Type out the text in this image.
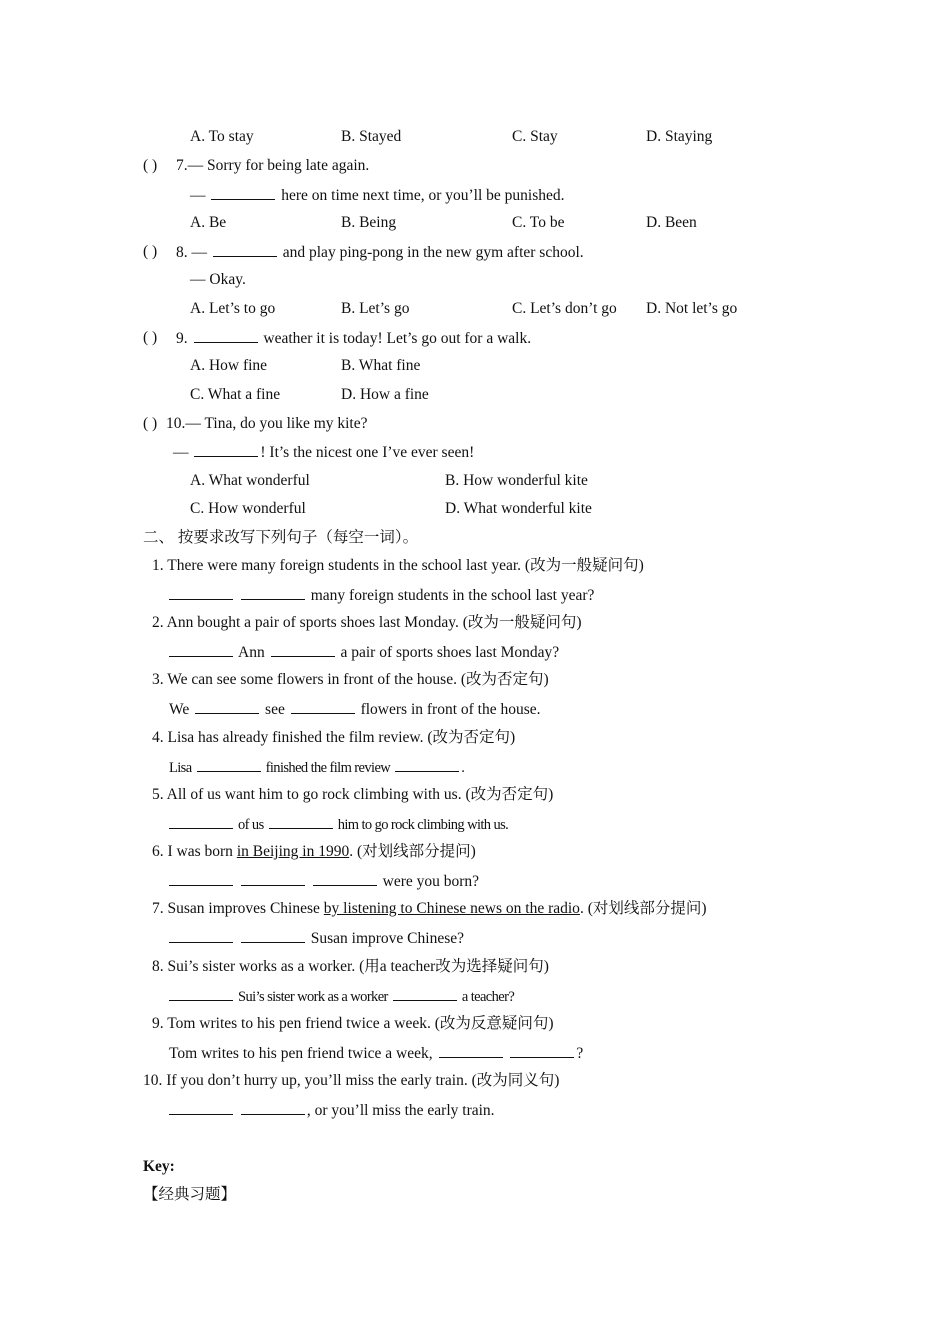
A. To stay	B. Stayed	C. Stay	D. Staying
( ) 7.— Sorry for being late again.
—	here on time next time, or you’ll be punished.
A. Be	B. Being	C. To be	D. Been
( ) 8. —	and play ping-pong in the new gym after school.
— Okay.
A. Let’s to go	B. Let’s go	C. Let’s don’t go D. Not let’s go
( ) 9.	weather it is today! Let’s go out for a walk.
A. How fine	B. What fine
C. What a fine	D. How a fine
( ) 10.— Tina, do you like my kite?
—	! It’s the nicest one I’ve ever seen!
A. What wonderful	B. How wonderful kite
C. How wonderful	D. What wonderful kite
二、 按要求改写下列句子（每空一词）。
1. There were many foreign students in the school last year. (改为一般疑问句)
many foreign students in the school last year?
2. Ann bought a pair of sports shoes last Monday. (改为一般疑问句)
Ann	a pair of sports shoes last Monday?
3. We can see some flowers in front of the house. (改为否定句)
We	see	flowers in front of the house.
4. Lisa has already finished the film review. (改为否定句)
Lisa	finished the film review	.
5. All of us want him to go rock climbing with us. (改为否定句)
of us	him to go rock climbing with us.
6. I was born in Beijing in 1990. (对划线部分提问)
were you born?
7. Susan improves Chinese by listening to Chinese news on the radio. (对划线部分提问)
Susan improve Chinese?
8. Sui’s sister works as a worker. (用a teacher改为选择疑问句)
Sui’s sister work as a worker	a teacher?
9. Tom writes to his pen friend twice a week. (改为反意疑问句)
Tom writes to his pen friend twice a week,	?
10. If you don’t hurry up, you’ll miss the early train. (改为同义句)
, or you’ll miss the early train.
Key:
【经典习题】
